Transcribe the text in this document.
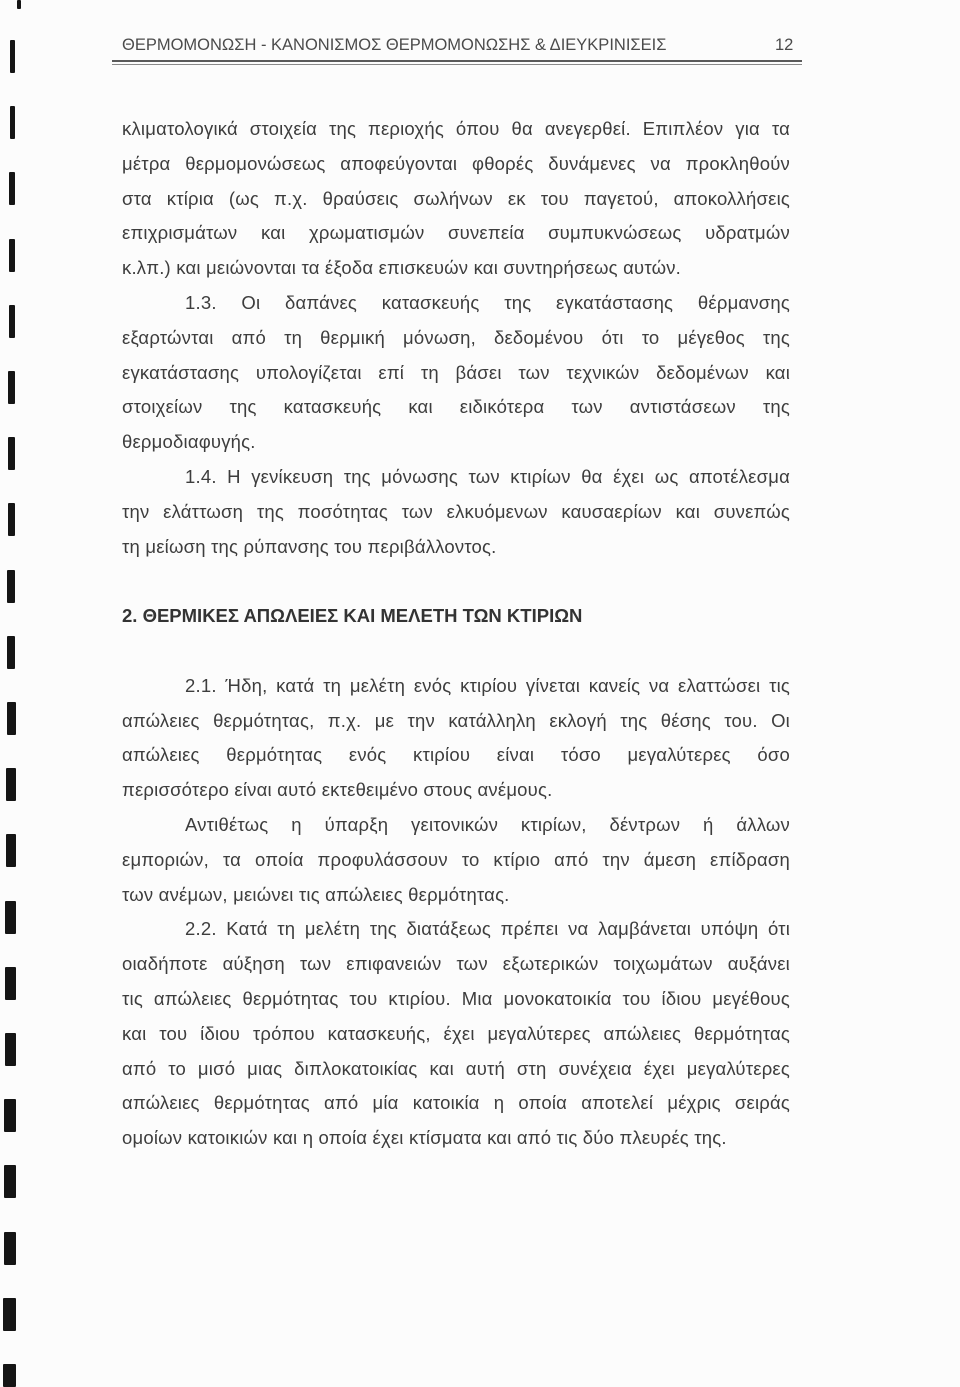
ΘΕΡΜΟΜΟΝΩΣΗ - ΚΑΝΟΝΙΣΜΟΣ ΘΕΡΜΟΜΟΝΩΣΗΣ & ΔΙΕΥΚΡΙΝΙΣΕΙΣ	12
κλιματολογικά στοιχεία της περιοχής όπου θα ανεγερθεί. Επιπλέον για τα
μέτρα θερμομονώσεως αποφεύγονται φθορές δυνάμενες να προκληθούν
στα κτίρια (ως π.χ. θραύσεις σωλήνων εκ του παγετού, αποκολλήσεις
επιχρισμάτων και χρωματισμών συνεπεία συμπυκνώσεως υδρατμών
κ.λπ.) και μειώνονται τα έξοδα επισκευών και συντηρήσεως αυτών.
1.3. Οι δαπάνες κατασκευής της εγκατάστασης θέρμανσης
εξαρτώνται από τη θερμική μόνωση, δεδομένου ότι το μέγεθος της
εγκατάστασης υπολογίζεται επί τη βάσει των τεχνικών δεδομένων και
στοιχείων της κατασκευής και ειδικότερα των αντιστάσεων της
θερμοδιαφυγής.
1.4. Η γενίκευση της μόνωσης των κτιρίων θα έχει ως αποτέλεσμα
την ελάττωση της ποσότητας των ελκυόμενων καυσαερίων και συνεπώς
τη μείωση της ρύπανσης του περιβάλλοντος.
2. ΘΕΡΜΙΚΕΣ ΑΠΩΛΕΙΕΣ ΚΑΙ ΜΕΛΕΤΗ ΤΩΝ ΚΤΙΡΙΩΝ
2.1. Ήδη, κατά τη μελέτη ενός κτιρίου γίνεται κανείς να ελαττώσει τις
απώλειες θερμότητας, π.χ. με την κατάλληλη εκλογή της θέσης του. Οι
απώλειες θερμότητας ενός κτιρίου είναι τόσο μεγαλύτερες όσο
περισσότερο είναι αυτό εκτεθειμένο στους ανέμους.
Αντιθέτως η ύπαρξη γειτονικών κτιρίων, δέντρων ή άλλων
εμποριών, τα οποία προφυλάσσουν το κτίριο από την άμεση επίδραση
των ανέμων, μειώνει τις απώλειες θερμότητας.
2.2. Κατά τη μελέτη της διατάξεως πρέπει να λαμβάνεται υπόψη ότι
οιαδήποτε αύξηση των επιφανειών των εξωτερικών τοιχωμάτων αυξάνει
τις απώλειες θερμότητας του κτιρίου. Μια μονοκατοικία του ίδιου μεγέθους
και του ίδιου τρόπου κατασκευής, έχει μεγαλύτερες απώλειες θερμότητας
από το μισό μιας διπλοκατοικίας και αυτή στη συνέχεια έχει μεγαλύτερες
απώλειες θερμότητας από μία κατοικία η οποία αποτελεί μέχρις σειράς
ομοίων κατοικιών και η οποία έχει κτίσματα και από τις δύο πλευρές της.
